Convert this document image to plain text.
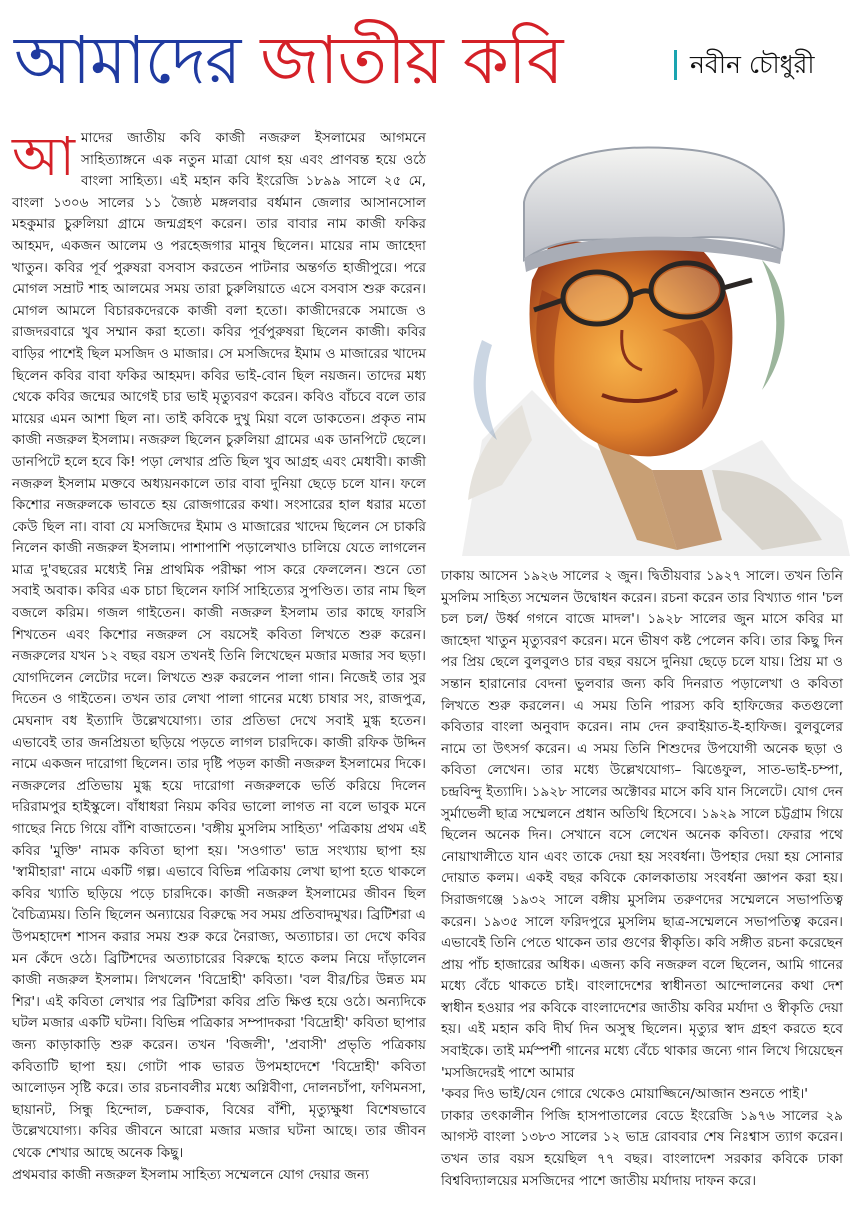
আমাদের জাতীয় কবি	নবীন চৌধুরী

আমাদের জাতীয় কবি কাজী নজরুল ইসলামের আগমনে সাহিত্যাঙ্গনে এক নতুন মাত্রা যোগ হয় এবং প্রাণবন্ত হয়ে ওঠে বাংলা সাহিত্য। এই মহান কবি ইংরেজি ১৮৯৯ সালে ২৫ মে, বাংলা ১৩০৬ সালের ১১ জ্যৈষ্ঠ মঙ্গলবার বর্ধমান জেলার আসানসোল মহকুমার চুরুলিয়া গ্রামে জন্মগ্রহণ করেন। তার বাবার নাম কাজী ফকির আহমদ, একজন আলেম ও পরহেজগার মানুষ ছিলেন। মায়ের নাম জাহেদা খাতুন। কবির পূর্ব পুরুষরা বসবাস করতেন পাটনার অন্তর্গত হাজীপুরে। পরে মোগল সম্রাট শাহ আলমের সময় তারা চুরুলিয়াতে এসে বসবাস শুরু করেন। মোগল আমলে বিচারকদেরকে কাজী বলা হতো। কাজীদেরকে সমাজে ও রাজদরবারে খুব সম্মান করা হতো। কবির পূর্বপুরুষরা ছিলেন কাজী। কবির বাড়ির পাশেই ছিল মসজিদ ও মাজার। সে মসজিদের ইমাম ও মাজারের খাদেম ছিলেন কবির বাবা ফকির আহমদ। কবির ভাই-বোন ছিল নয়জন। তাদের মধ্য থেকে কবির জন্মের আগেই চার ভাই মৃত্যুবরণ করেন। কবিও বাঁচবে বলে তার মায়ের এমন আশা ছিল না। তাই কবিকে দুখু মিয়া বলে ডাকতেন। প্রকৃত নাম কাজী নজরুল ইসলাম। নজরুল ছিলেন চুরুলিয়া গ্রামের এক ডানপিটে ছেলে। ডানপিটে হলে হবে কি! পড়া লেখার প্রতি ছিল খুব আগ্রহ এবং মেধাবী। কাজী নজরুল ইসলাম মক্তবে অধ্যয়নকালে তার বাবা দুনিয়া ছেড়ে চলে যান। ফলে কিশোর নজরুলকে ভাবতে হয় রোজগারের কথা। সংসারের হাল ধরার মতো কেউ ছিল না। বাবা যে মসজিদের ইমাম ও মাজারের খাদেম ছিলেন সে চাকরি নিলেন কাজী নজরুল ইসলাম। পাশাপাশি পড়ালেখাও চালিয়ে যেতে লাগলেন মাত্র দু'বছরের মধ্যেই নিম্ন প্রাথমিক পরীক্ষা পাস করে ফেললেন। শুনে তো সবাই অবাক। কবির এক চাচা ছিলেন ফার্সি সাহিত্যের সুপণ্ডিত। তার নাম ছিল বজলে করিম। গজল গাইতেন। কাজী নজরুল ইসলাম তার কাছে ফারসি শিখতেন এবং কিশোর নজরুল সে বয়সেই কবিতা লিখতে শুরু করেন। নজরুলের যখন ১২ বছর বয়স তখনই তিনি লিখেছেন মজার মজার সব ছড়া। যোগদিলেন লেটোর দলে। লিখতে শুরু করলেন পালা গান। নিজেই তার সুর দিতেন ও গাইতেন। তখন তার লেখা পালা গানের মধ্যে চাষার সং, রাজপুত্র, মেঘনাদ বধ ইত্যাদি উল্লেখযোগ্য। তার প্রতিভা দেখে সবাই মুগ্ধ হতেন। এভাবেই তার জনপ্রিয়তা ছড়িয়ে পড়তে লাগল চারদিকে। কাজী রফিক উদ্দিন নামে একজন দারোগা ছিলেন। তার দৃষ্টি পড়ল কাজী নজরুল ইসলামের দিকে। নজরুলের প্রতিভায় মুগ্ধ হয়ে দারোগা নজরুলকে ভর্তি করিয়ে দিলেন দরিরামপুর হাইস্কুলে। বাঁধাধরা নিয়ম কবির ভালো লাগত না বলে ভাবুক মনে গাছের নিচে গিয়ে বাঁশি বাজাতেন। 'বঙ্গীয় মুসলিম সাহিত্য' পত্রিকায় প্রথম এই কবির 'মুক্তি' নামক কবিতা ছাপা হয়। 'সওগাত' ভাদ্র সংখ্যায় ছাপা হয় 'স্বামীহারা' নামে একটি গল্প। এভাবে বিভিন্ন পত্রিকায় লেখা ছাপা হতে থাকলে কবির খ্যাতি ছড়িয়ে পড়ে চারদিকে। কাজী নজরুল ইসলামের জীবন ছিল বৈচিত্র্যময়। তিনি ছিলেন অন্যায়ের বিরুদ্ধে সব সময় প্রতিবাদমুখর। ব্রিটিশরা এ উপমহাদেশ শাসন করার সময় শুরু করে নৈরাজ্য, অত্যাচার। তা দেখে কবির মন কেঁদে ওঠে। ব্রিটিশদের অত্যাচারের বিরুদ্ধে হাতে কলম নিয়ে দাঁড়ালেন কাজী নজরুল ইসলাম। লিখলেন 'বিদ্রোহী' কবিতা। 'বল বীর/চির উন্নত মম শির'। এই কবিতা লেখার পর ব্রিটিশরা কবির প্রতি ক্ষিপ্ত হয়ে ওঠে। অন্যদিকে ঘটল মজার একটি ঘটনা। বিভিন্ন পত্রিকার সম্পাদকরা 'বিদ্রোহী' কবিতা ছাপার জন্য কাড়াকাড়ি শুরু করেন। তখন 'বিজলী', 'প্রবাসী' প্রভৃতি পত্রিকায় কবিতাটি ছাপা হয়। গোটা পাক ভারত উপমহাদেশে 'বিদ্রোহী' কবিতা আলোড়ন সৃষ্টি করে। তার রচনাবলীর মধ্যে অগ্নিবীণা, দোলনচাঁপা, ফণিমনসা, ছায়ানট, সিন্ধু হিন্দোল, চক্রবাক, বিষের বাঁশী, মৃত্যুক্ষুধা বিশেষভাবে উল্লেখযোগ্য। কবির জীবনে আরো মজার মজার ঘটনা আছে। তার জীবন থেকে শেখার আছে অনেক কিছু।

প্রথমবার কাজী নজরুল ইসলাম সাহিত্য সম্মেলনে যোগ দেয়ার জন্য

ঢাকায় আসেন ১৯২৬ সালের ২ জুন। দ্বিতীয়বার ১৯২৭ সালে। তখন তিনি মুসলিম সাহিত্য সম্মেলন উদ্বোধন করেন। রচনা করেন তার বিখ্যাত গান 'চল চল চল/ উর্ধ্ব গগনে বাজে মাদল'। ১৯২৮ সালের জুন মাসে কবির মা জাহেদা খাতুন মৃত্যুবরণ করেন। মনে ভীষণ কষ্ট পেলেন কবি। তার কিছু দিন পর প্রিয় ছেলে বুলবুলও চার বছর বয়সে দুনিয়া ছেড়ে চলে যায়। প্রিয় মা ও সন্তান হারানোর বেদনা ভুলবার জন্য কবি দিনরাত পড়ালেখা ও কবিতা লিখতে শুরু করলেন। এ সময় তিনি পারস্য কবি হাফিজের কতগুলো কবিতার বাংলা অনুবাদ করেন। নাম দেন রুবাইয়াত-ই-হাফিজ। বুলবুলের নামে তা উৎসর্গ করেন। এ সময় তিনি শিশুদের উপযোগী অনেক ছড়া ও কবিতা লেখেন। তার মধ্যে উল্লেখযোগ্য– ঝিঙেফুল, সাত-ভাই-চম্পা, চন্দ্রবিন্দু ইত্যাদি। ১৯২৮ সালের অক্টোবর মাসে কবি যান সিলেটে। যোগ দেন সুর্মাভেলী ছাত্র সম্মেলনে প্রধান অতিথি হিসেবে। ১৯২৯ সালে চট্টগ্রাম গিয়ে ছিলেন অনেক দিন। সেখানে বসে লেখেন অনেক কবিতা। ফেরার পথে নোয়াখালীতে যান এবং তাকে দেয়া হয় সংবর্ধনা। উপহার দেয়া হয় সোনার দোয়াত কলম। একই বছর কবিকে কোলকাতায় সংবর্ধনা জ্ঞাপন করা হয়। সিরাজগঞ্জে ১৯৩২ সালে বঙ্গীয় মুসলিম তরুণদের সম্মেলনে সভাপতিত্ব করেন। ১৯৩৫ সালে ফরিদপুরে মুসলিম ছাত্র-সম্মেলনে সভাপতিত্ব করেন। এভাবেই তিনি পেতে থাকেন তার গুণের স্বীকৃতি। কবি সঙ্গীত রচনা করেছেন প্রায় পাঁচ হাজারের অধিক। এজন্য কবি নজরুল বলে ছিলেন, আমি গানের মধ্যে বেঁচে থাকতে চাই। বাংলাদেশের স্বাধীনতা আন্দোলনের কথা দেশ স্বাধীন হওয়ার পর কবিকে বাংলাদেশের জাতীয় কবির মর্যাদা ও স্বীকৃতি দেয়া হয়। এই মহান কবি দীর্ঘ দিন অসুস্থ ছিলেন। মৃত্যুর স্বাদ গ্রহণ করতে হবে সবাইকে। তাই মর্মস্পর্শী গানের মধ্যে বেঁচে থাকার জন্যে গান লিখে গিয়েছেন 'মসজিদেরই পাশে আমার

'কবর দিও ভাই/যেন গোরে থেকেও মোয়াজ্জিনে/আজান শুনতে পাই।'

ঢাকার তৎকালীন পিজি হাসপাতালের বেডে ইংরেজি ১৯৭৬ সালের ২৯ আগস্ট বাংলা ১৩৮৩ সালের ১২ ভাদ্র রোববার শেষ নিঃশ্বাস ত্যাগ করেন। তখন তার বয়স হয়েছিল ৭৭ বছর। বাংলাদেশ সরকার কবিকে ঢাকা বিশ্ববিদ্যালয়ের মসজিদের পাশে জাতীয় মর্যাদায় দাফন করে।
